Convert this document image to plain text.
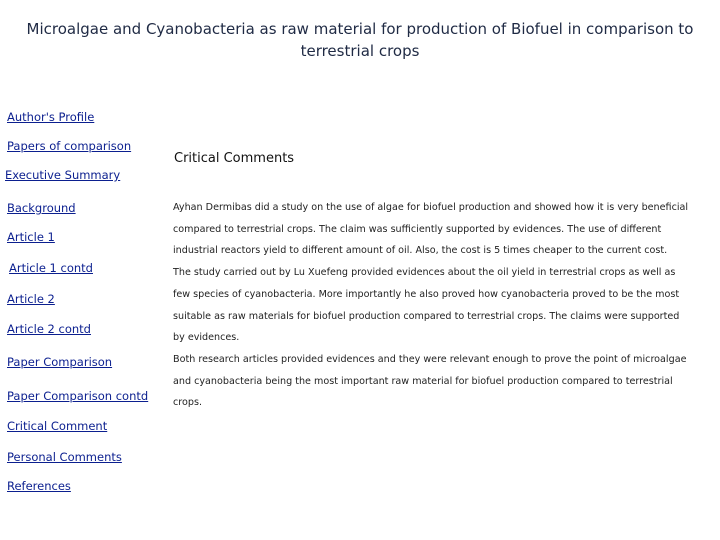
Microalgae and Cyanobacteria as raw material for production of Biofuel in comparison to terrestrial crops
Author's Profile
Papers of comparison
Executive Summary
Background
Article 1
Article 1 contd
Article 2
Article 2 contd
Paper Comparison
Paper Comparison contd
Critical Comment
Personal Comments
References
Critical Comments

Ayhan Dermibas did a study on the use of algae for biofuel production and showed how it is very beneficial compared to terrestrial crops. The claim was sufficiently supported by evidences. The use of different industrial reactors yield to different amount of oil. Also, the cost is 5 times cheaper to the current cost.

The study carried out by Lu Xuefeng provided evidences about the oil yield in terrestrial crops as well as few species of cyanobacteria. More importantly he also proved how cyanobacteria proved to be the most suitable as raw materials for biofuel production compared to terrestrial crops. The claims were supported by evidences.

Both research articles provided evidences and they were relevant enough to prove the point of microalgae and cyanobacteria being the most important raw material for biofuel production compared to terrestrial crops.
